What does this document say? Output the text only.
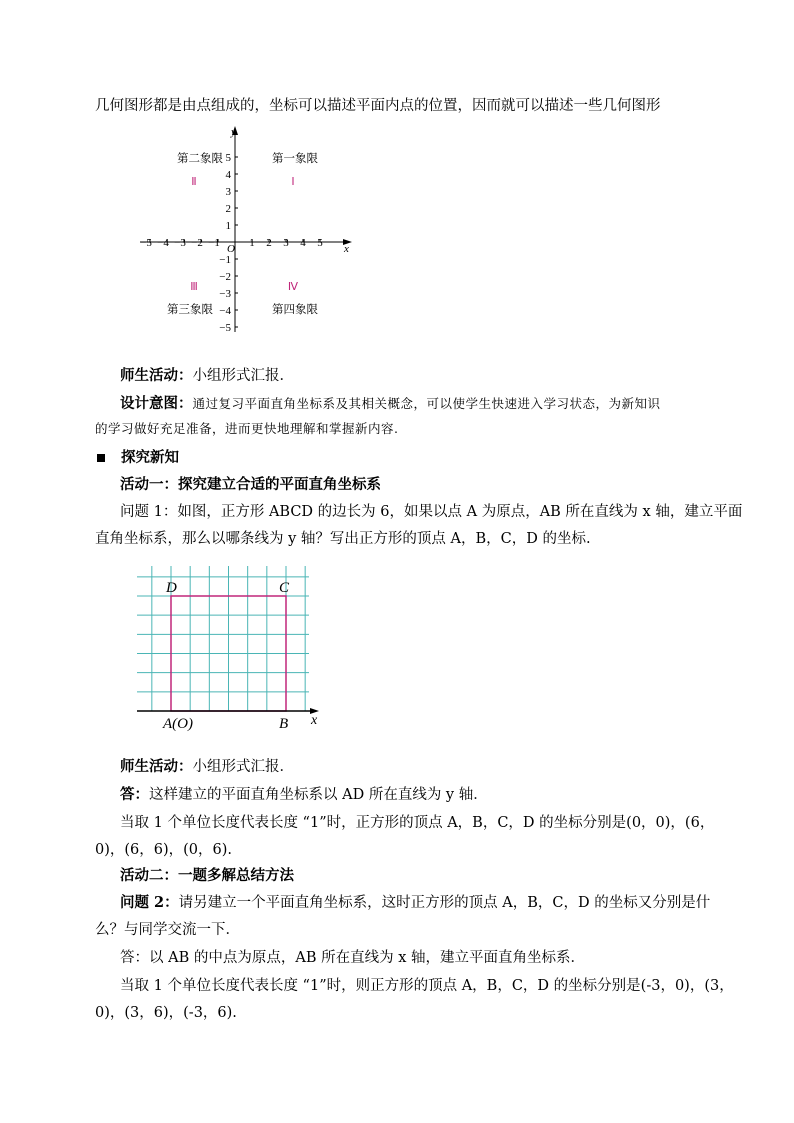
几何图形都是由点组成的，坐标可以描述平面内点的位置，因而就可以描述一些几何图形
y
x
O
−5 −4 −3 −2 −1	1 2 3 4 5
5
4
3
2
1
−1
−2
−3
−4
−5
第一象限
第二象限
第三象限	第四象限
Ⅰ
Ⅱ
Ⅲ	Ⅳ
师生活动：小组形式汇报．
设计意图：通过复习平面直角坐标系及其相关概念，可以使学生快速进入学习状态，为新知识
的学习做好充足准备，进而更快地理解和掌握新内容.
探究新知
活动一：探究建立合适的平面直角坐标系
问题 1：如图，正方形 ABCD 的边长为 6，如果以点 A 为原点，AB 所在直线为 x 轴，建立平面
直角坐标系，那么以哪条线为 y 轴？写出正方形的顶点 A，B，C，D 的坐标.
D	C
A(O)	B x
师生活动：小组形式汇报．
答：这样建立的平面直角坐标系以 AD 所在直线为 y 轴．
当取 1 个单位长度代表长度 “1”时，正方形的顶点 A，B，C，D 的坐标分别是(0，0)，(6，
0)，(6，6)，(0，6).
活动二：一题多解总结方法
问题 2：请另建立一个平面直角坐标系，这时正方形的顶点 A，B，C，D 的坐标又分别是什
么？与同学交流一下．
答：以 AB 的中点为原点，AB 所在直线为 x 轴，建立平面直角坐标系．
当取 1 个单位长度代表长度 “1”时，则正方形的顶点 A，B，C，D 的坐标分别是(-3，0)，(3，
0)，(3，6)，(-3，6).
